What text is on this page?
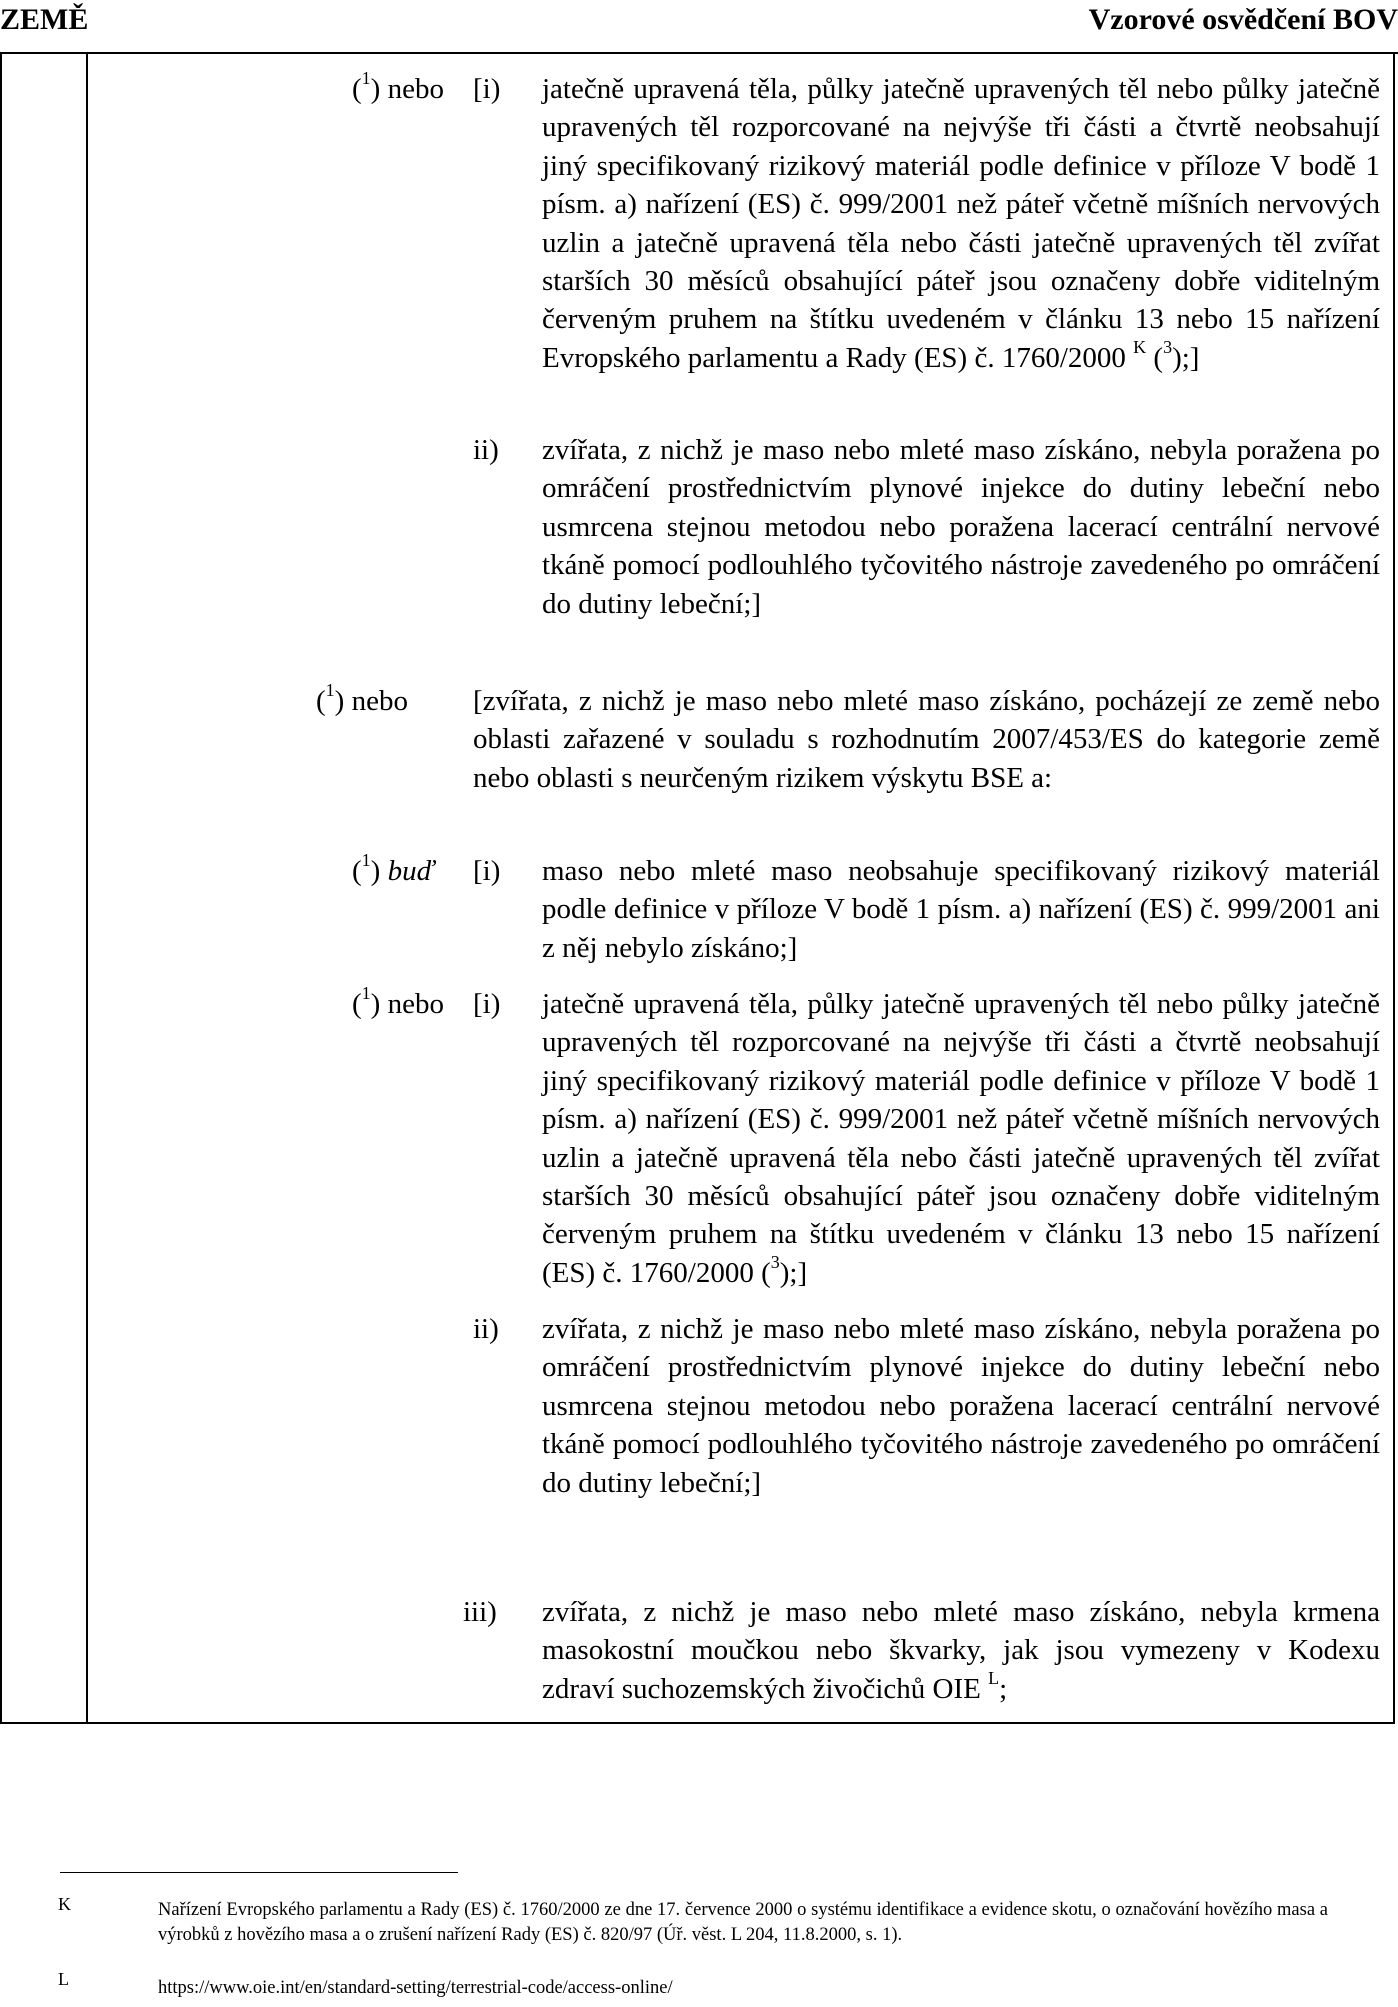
ZEMĚ	Vzorové osvědčení BOV
($^1$) nebo [i) jatečně upravená těla, půlky jatečně upravených těl nebo půlky jatečně upravených těl rozporcované na nejvýše tři části a čtvrtě neobsahují jiný specifikovaný rizikový materiál podle definice v příloze V bodě 1 písm. a) nařízení (ES) č. 999/2001 než páteř včetně míšních nervových uzlin a jatečně upravená těla nebo části jatečně upravených těl zvířat starších 30 měsíců obsahující páteř jsou označeny dobře viditelným červeným pruhem na štítku uvedeném v článku 13 nebo 15 nařízení Evropského parlamentu a Rady (ES) č. 1760/2000 $^K$ ($^3$);]
ii) zvířata, z nichž je maso nebo mleté maso získáno, nebyla poražena po omráčení prostřednictvím plynové injekce do dutiny lebeční nebo usmrcena stejnou metodou nebo poražena lacerací centrální nervové tkáně pomocí podlouhlého tyčovitého nástroje zavedeného po omráčení do dutiny lebeční;]
($^1$) nebo [zvířata, z nichž je maso nebo mleté maso získáno, pocházejí ze země nebo oblasti zařazené v souladu s rozhodnutím 2007/453/ES do kategorie země nebo oblasti s neurčeným rizikem výskytu BSE a:
($^1$) buď [i) maso nebo mleté maso neobsahuje specifikovaný rizikový materiál podle definice v příloze V bodě 1 písm. a) nařízení (ES) č. 999/2001 ani z něj nebylo získáno;]
($^1$) nebo [i) jatečně upravená těla, půlky jatečně upravených těl nebo půlky jatečně upravených těl rozporcované na nejvýše tři části a čtvrtě neobsahují jiný specifikovaný rizikový materiál podle definice v příloze V bodě 1 písm. a) nařízení (ES) č. 999/2001 než páteř včetně míšních nervových uzlin a jatečně upravená těla nebo části jatečně upravených těl zvířat starších 30 měsíců obsahující páteř jsou označeny dobře viditelným červeným pruhem na štítku uvedeném v článku 13 nebo 15 nařízení (ES) č. 1760/2000 ($^3$);]
ii) zvířata, z nichž je maso nebo mleté maso získáno, nebyla poražena po omráčení prostřednictvím plynové injekce do dutiny lebeční nebo usmrcena stejnou metodou nebo poražena lacerací centrální nervové tkáně pomocí podlouhlého tyčovitého nástroje zavedeného po omráčení do dutiny lebeční;]
iii) zvířata, z nichž je maso nebo mleté maso získáno, nebyla krmena masokostní moučkou nebo škvarky, jak jsou vymezeny v Kodexu zdraví suchozemských živočichů OIE $^L$;
K	Nařízení Evropského parlamentu a Rady (ES) č. 1760/2000 ze dne 17. července 2000 o systému identifikace a evidence skotu, o označování hovězího masa a výrobků z hovězího masa a o zrušení nařízení Rady (ES) č. 820/97 (Úř. věst. L 204, 11.8.2000, s. 1).
L	https://www.oie.int/en/standard-setting/terrestrial-code/access-online/
